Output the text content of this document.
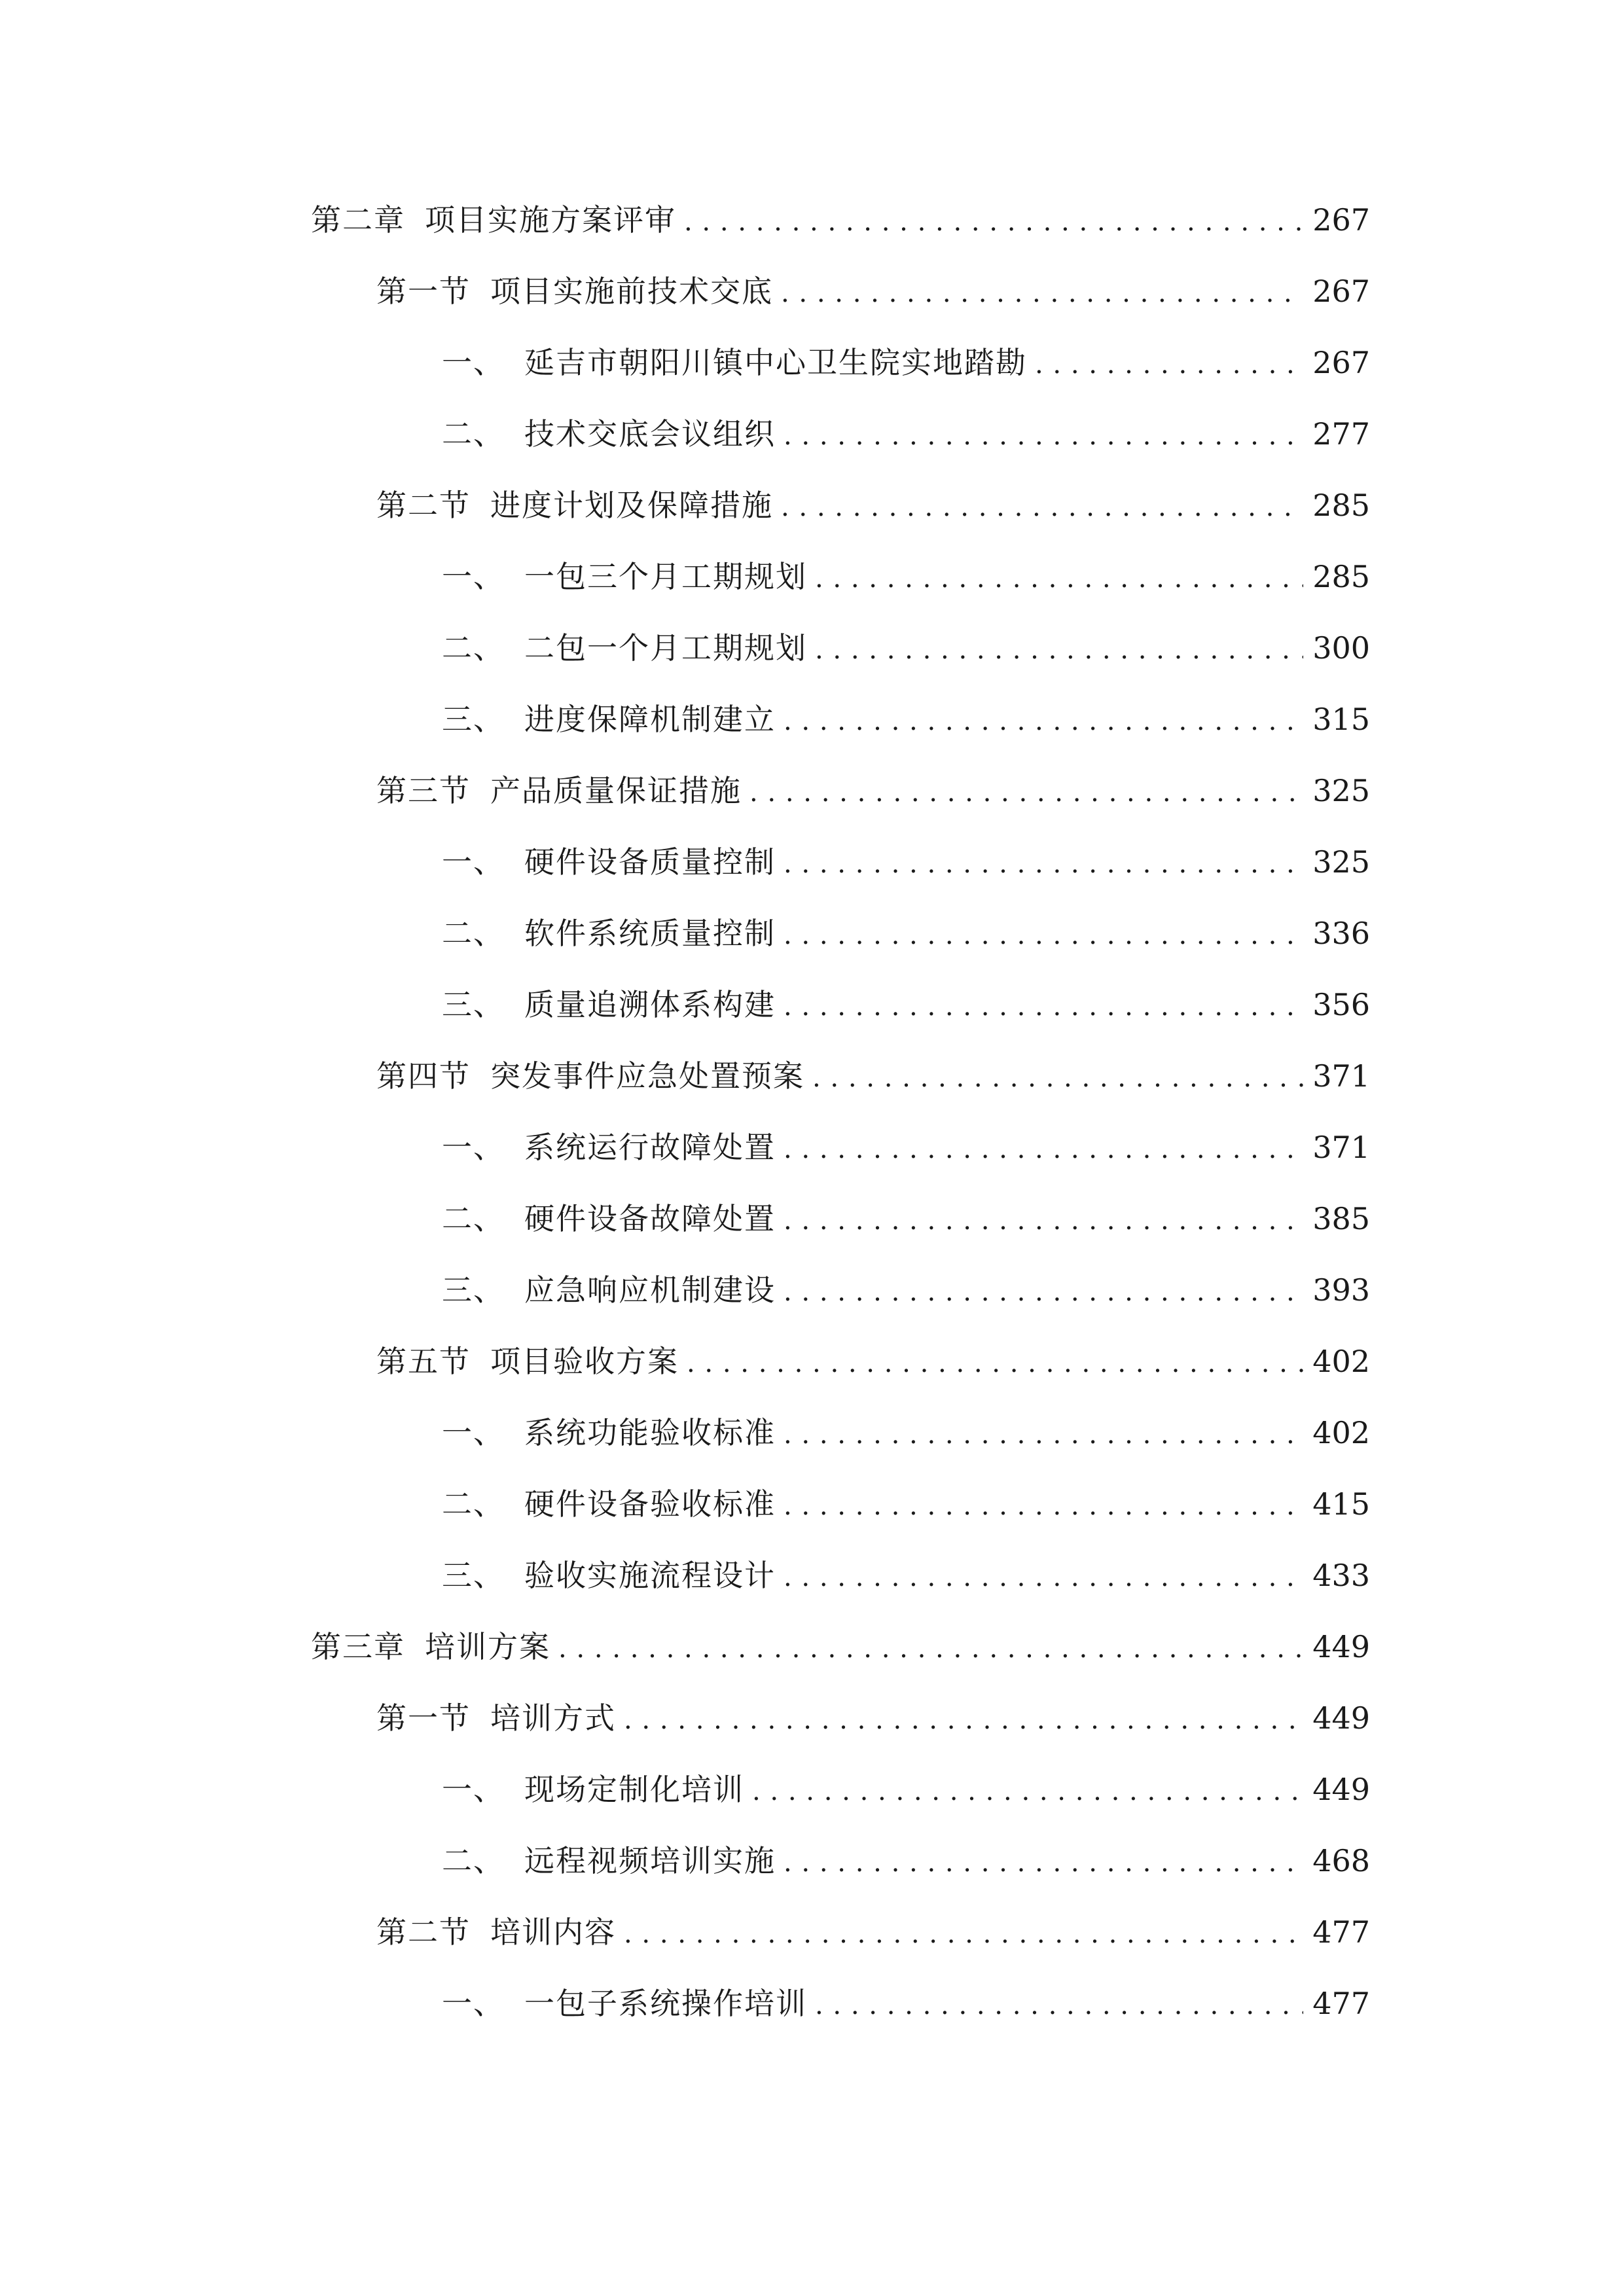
第二章 项目实施方案评审 . . .	267
第一节 项目实施前技术交底 . . .	267
一、 延吉市朝阳川镇中心卫生院实地踏勘 . . .	267
二、 技术交底会议组织 . . .	277
第二节 进度计划及保障措施 . . .	285
一、 一包三个月工期规划 . . .	285
二、 二包一个月工期规划 . . .	300
三、 进度保障机制建立 . . .	315
第三节 产品质量保证措施 . . .	325
一、 硬件设备质量控制 . . .	325
二、 软件系统质量控制 . . .	336
三、 质量追溯体系构建 . . .	356
第四节 突发事件应急处置预案 . . .	371
一、 系统运行故障处置 . . .	371
二、 硬件设备故障处置 . . .	385
三、 应急响应机制建设 . . .	393
第五节 项目验收方案 . . .	402
一、 系统功能验收标准 . . .	402
二、 硬件设备验收标准 . . .	415
三、 验收实施流程设计 . . .	433
第三章 培训方案 . . .	449
第一节 培训方式 . . .	449
一、 现场定制化培训 . . .	449
二、 远程视频培训实施 . . .	468
第二节 培训内容 . . .	477
一、 一包子系统操作培训 . . .	477
